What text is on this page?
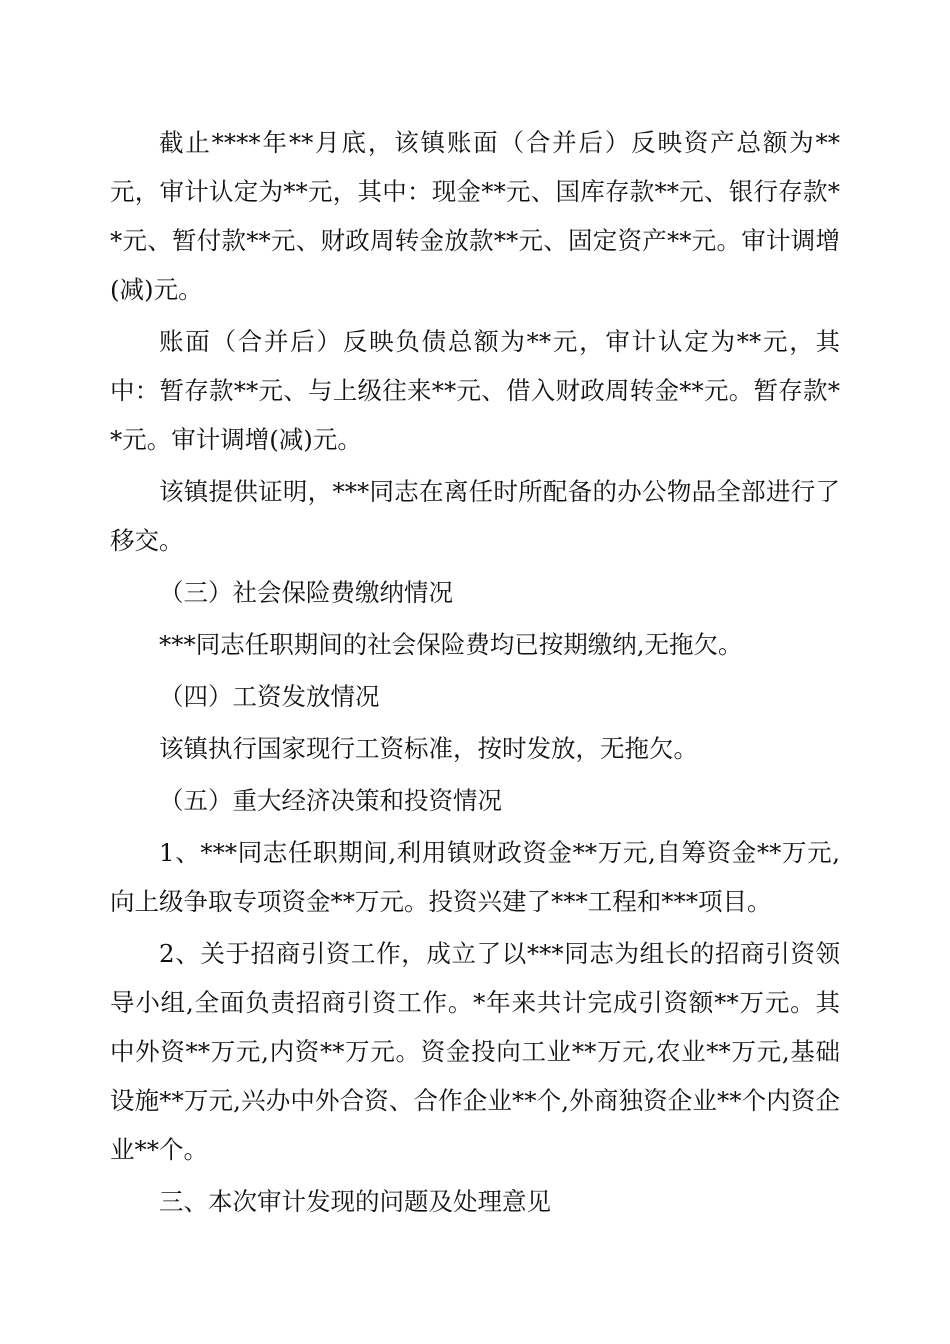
截止****年**月底，该镇账面（合并后）反映资产总额为**元，审计认定为**元，其中：现金**元、国库存款**元、银行存款**元、暂付款**元、财政周转金放款**元、固定资产**元。审计调增(减)元。

账面（合并后）反映负债总额为**元，审计认定为**元，其中：暂存款**元、与上级往来**元、借入财政周转金**元。暂存款**元。审计调增(减)元。

该镇提供证明，***同志在离任时所配备的办公物品全部进行了移交。

（三）社会保险费缴纳情况

***同志任职期间的社会保险费均已按期缴纳,无拖欠。

（四）工资发放情况

该镇执行国家现行工资标准，按时发放，无拖欠。

（五）重大经济决策和投资情况

1、***同志任职期间,利用镇财政资金**万元,自筹资金**万元,向上级争取专项资金**万元。投资兴建了***工程和***项目。

2、关于招商引资工作，成立了以***同志为组长的招商引资领导小组,全面负责招商引资工作。*年来共计完成引资额**万元。其中外资**万元,内资**万元。资金投向工业**万元,农业**万元,基础设施**万元,兴办中外合资、合作企业**个,外商独资企业**个内资企业**个。

三、本次审计发现的问题及处理意见
